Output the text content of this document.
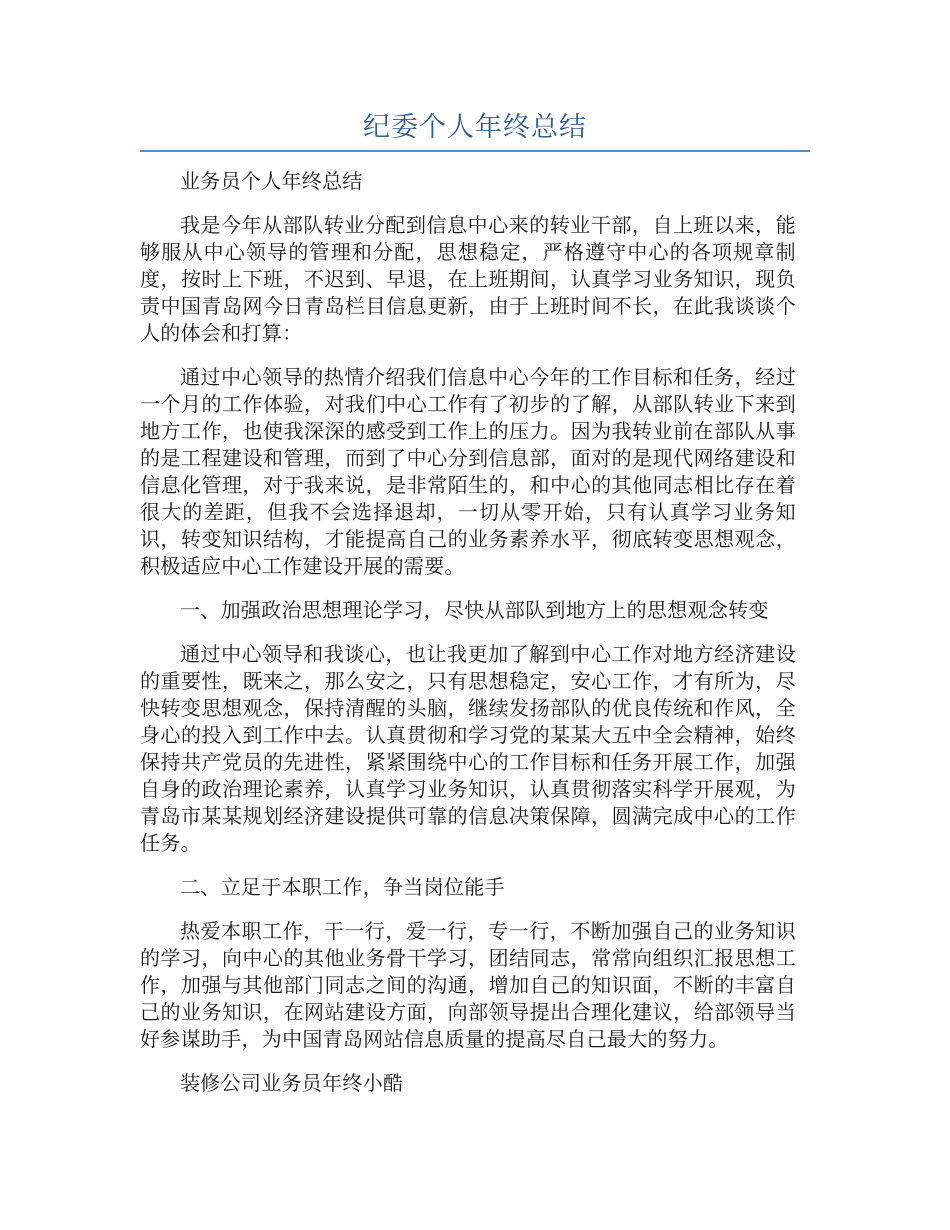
纪委个人年终总结

业务员个人年终总结

我是今年从部队转业分配到信息中心来的转业干部，自上班以来，能够服从中心领导的管理和分配，思想稳定，严格遵守中心的各项规章制度，按时上下班，不迟到、早退，在上班期间，认真学习业务知识，现负责中国青岛网今日青岛栏目信息更新，由于上班时间不长，在此我谈谈个人的体会和打算：

通过中心领导的热情介绍我们信息中心今年的工作目标和任务，经过一个月的工作体验，对我们中心工作有了初步的了解，从部队转业下来到地方工作，也使我深深的感受到工作上的压力。因为我转业前在部队从事的是工程建设和管理，而到了中心分到信息部，面对的是现代网络建设和信息化管理，对于我来说，是非常陌生的，和中心的其他同志相比存在着很大的差距，但我不会选择退却，一切从零开始，只有认真学习业务知识，转变知识结构，才能提高自己的业务素养水平，彻底转变思想观念，积极适应中心工作建设开展的需要。

一、加强政治思想理论学习，尽快从部队到地方上的思想观念转变

通过中心领导和我谈心，也让我更加了解到中心工作对地方经济建设的重要性，既来之，那么安之，只有思想稳定，安心工作，才有所为，尽快转变思想观念，保持清醒的头脑，继续发扬部队的优良传统和作风，全身心的投入到工作中去。认真贯彻和学习党的某某大五中全会精神，始终保持共产党员的先进性，紧紧围绕中心的工作目标和任务开展工作，加强自身的政治理论素养，认真学习业务知识，认真贯彻落实科学开展观，为青岛市某某规划经济建设提供可靠的信息决策保障，圆满完成中心的工作任务。

二、立足于本职工作，争当岗位能手

热爱本职工作，干一行，爱一行，专一行，不断加强自己的业务知识的学习，向中心的其他业务骨干学习，团结同志，常常向组织汇报思想工作，加强与其他部门同志之间的沟通，增加自己的知识面，不断的丰富自己的业务知识，在网站建设方面，向部领导提出合理化建议，给部领导当好参谋助手，为中国青岛网站信息质量的提高尽自己最大的努力。

装修公司业务员年终小酷
